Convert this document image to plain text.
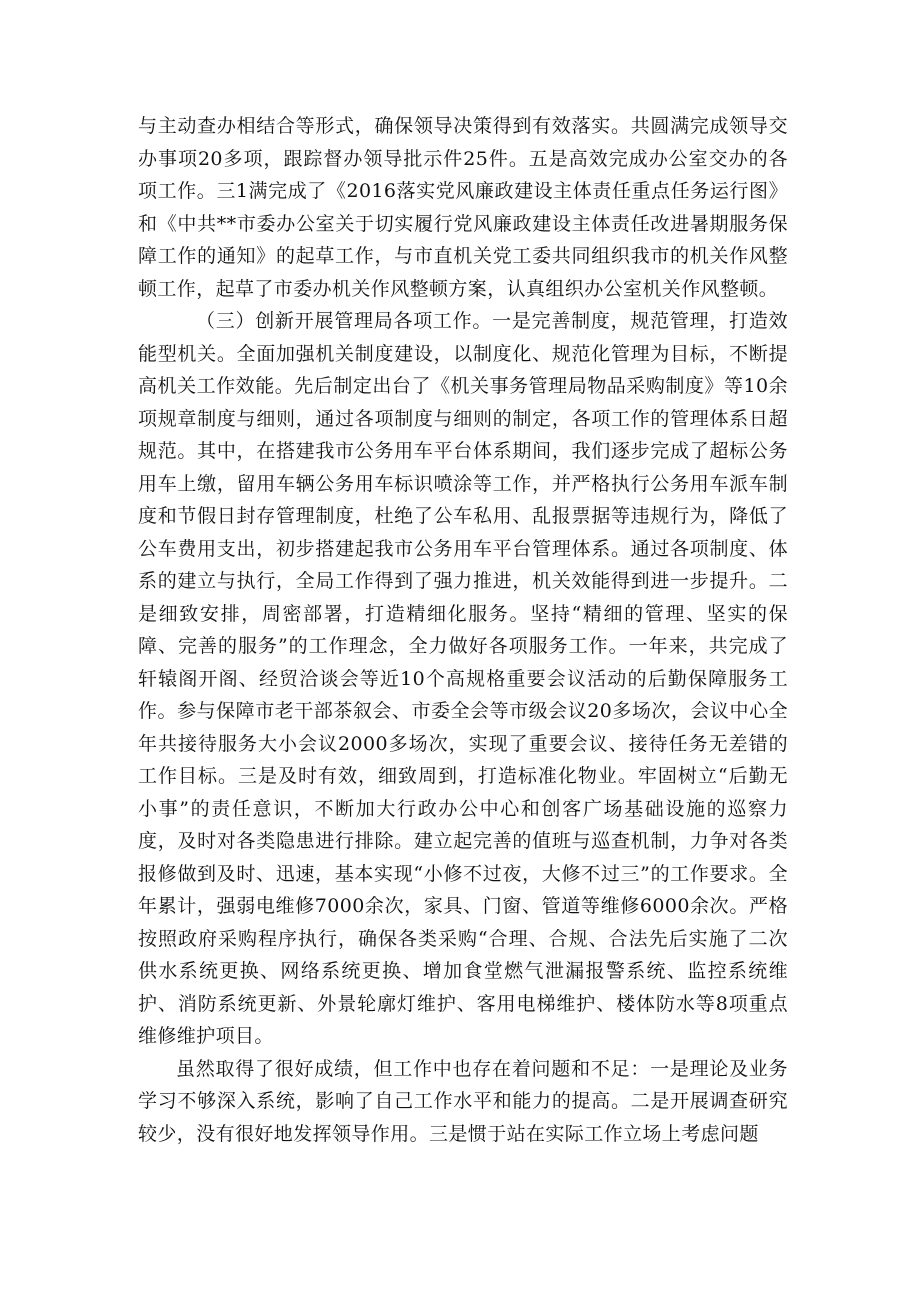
与主动查办相结合等形式，确保领导决策得到有效落实。共圆满完成领导交办事项20多项，跟踪督办领导批示件25件。五是高效完成办公室交办的各项工作。三1满完成了《2016落实党风廉政建设主体责任重点任务运行图》和《中共**市委办公室关于切实履行党风廉政建设主体责任改进暑期服务保障工作的通知》的起草工作，与市直机关党工委共同组织我市的机关作风整顿工作，起草了市委办机关作风整顿方案，认真组织办公室机关作风整顿。

（三）创新开展管理局各项工作。一是完善制度，规范管理，打造效能型机关。全面加强机关制度建设，以制度化、规范化管理为目标，不断提高机关工作效能。先后制定出台了《机关事务管理局物品采购制度》等10余项规章制度与细则，通过各项制度与细则的制定，各项工作的管理体系日超规范。其中，在搭建我市公务用车平台体系期间，我们逐步完成了超标公务用车上缴，留用车辆公务用车标识喷涂等工作，并严格执行公务用车派车制度和节假日封存管理制度，杜绝了公车私用、乱报票据等违规行为，降低了公车费用支出，初步搭建起我市公务用车平台管理体系。通过各项制度、体系的建立与执行，全局工作得到了强力推进，机关效能得到进一步提升。二是细致安排，周密部署，打造精细化服务。坚持“精细的管理、坚实的保障、完善的服务”的工作理念，全力做好各项服务工作。一年来，共完成了轩辕阁开阁、经贸洽谈会等近10个高规格重要会议活动的后勤保障服务工作。参与保障市老干部茶叙会、市委全会等市级会议20多场次，会议中心全年共接待服务大小会议2000多场次，实现了重要会议、接待任务无差错的工作目标。三是及时有效，细致周到，打造标准化物业。牢固树立“后勤无小事”的责任意识，不断加大行政办公中心和创客广场基础设施的巡察力度，及时对各类隐患进行排除。建立起完善的值班与巡查机制，力争对各类报修做到及时、迅速，基本实现“小修不过夜，大修不过三”的工作要求。全年累计，强弱电维修7000余次，家具、门窗、管道等维修6000余次。严格按照政府采购程序执行，确保各类采购“合理、合规、合法先后实施了二次供水系统更换、网络系统更换、增加食堂燃气泄漏报警系统、监控系统维护、消防系统更新、外景轮廓灯维护、客用电梯维护、楼体防水等8项重点维修维护项目。

虽然取得了很好成绩，但工作中也存在着问题和不足：一是理论及业务学习不够深入系统，影响了自己工作水平和能力的提高。二是开展调查研究较少，没有很好地发挥领导作用。三是惯于站在实际工作立场上考虑问题
